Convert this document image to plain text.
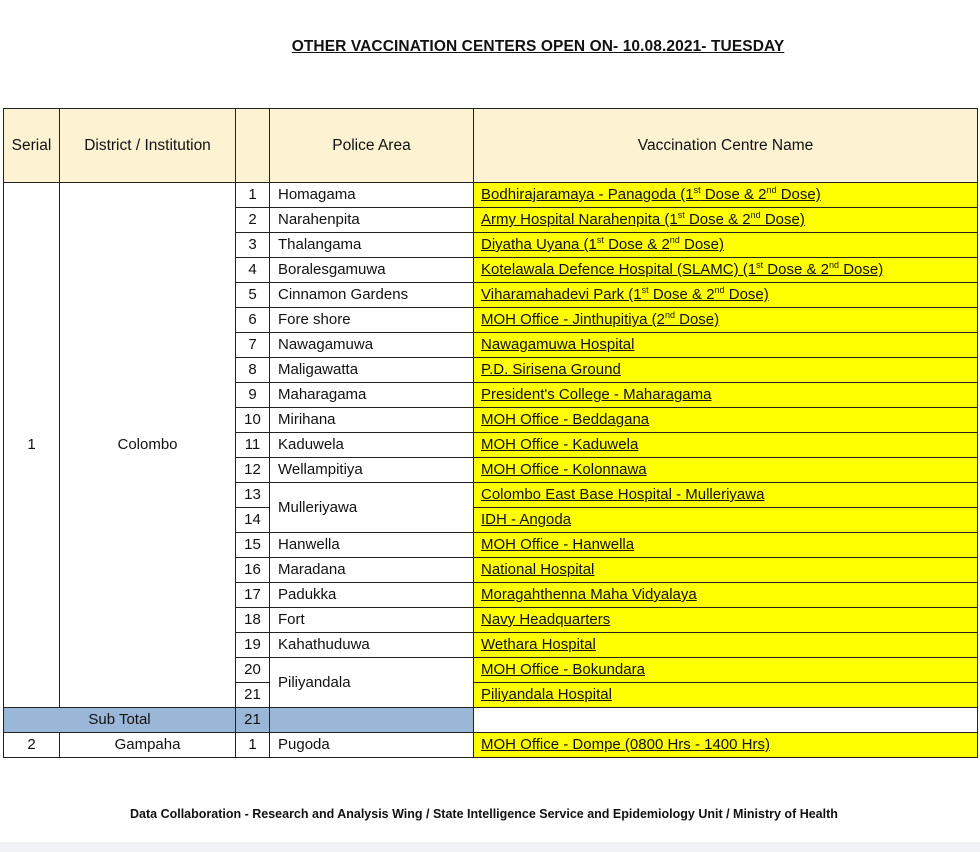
OTHER VACCINATION CENTERS OPEN ON- 10.08.2021- TUESDAY
Serial	District / Institution		Police Area	Vaccination Centre Name
1	Colombo	1	Homagama	Bodhirajaramaya - Panagoda (1st Dose & 2nd Dose)
		2	Narahenpita	Army Hospital Narahenpita (1st Dose & 2nd Dose)
		3	Thalangama	Diyatha Uyana (1st Dose & 2nd Dose)
		4	Boralesgamuwa	Kotelawala Defence Hospital (SLAMC) (1st Dose & 2nd Dose)
		5	Cinnamon Gardens	Viharamahadevi Park (1st Dose & 2nd Dose)
		6	Fore shore	MOH Office - Jinthupitiya (2nd Dose)
		7	Nawagamuwa	Nawagamuwa Hospital
		8	Maligawatta	P.D. Sirisena Ground
		9	Maharagama	President's College - Maharagama
		10	Mirihana	MOH Office - Beddagana
		11	Kaduwela	MOH Office - Kaduwela
		12	Wellampitiya	MOH Office - Kolonnawa
		13	Mulleriyawa	Colombo East Base Hospital - Mulleriyawa
		14		IDH - Angoda
		15	Hanwella	MOH Office - Hanwella
		16	Maradana	National Hospital
		17	Padukka	Moragahthenna Maha Vidyalaya
		18	Fort	Navy Headquarters
		19	Kahathuduwa	Wethara Hospital
		20	Piliyandala	MOH Office - Bokundara
		21		Piliyandala Hospital
Sub Total		21		
2	Gampaha	1	Pugoda	MOH Office - Dompe (0800 Hrs - 1400 Hrs)
Data Collaboration - Research and Analysis Wing / State Intelligence Service and Epidemiology Unit / Ministry of Health
